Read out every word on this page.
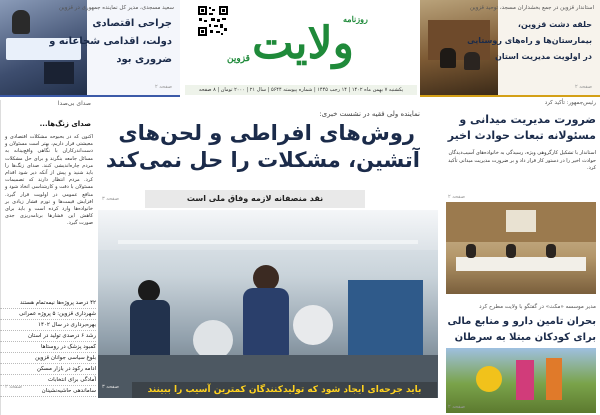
سعید مسجدی، مدیر کل نماینده جمهوری در قزوین
جراحی اقتصادی
دولت، اقدامی شجاعانه و
ضروری بود
صفحه ۲
روزنامه
ولایت
قزوین
یکشنبه ۷ بهمن ماه ۱۴۰۲ | ۱۴ رجب ۱۴۴۵ | شماره پیوسته ۵۶۴۴ | سال ۲۱ | ۲۰۰۰ تومان | ۸ صفحه
استاندار قزوین در جمع بخشداران مسجد، توحید قزوین
حلقه دشت قزوین،
بیمارستان‌ها و راه‌های روستایی
در اولویت مدیریت استان
صفحه ۲
صدای بی‌صدا
صدای زنگ‌ها...
اکنون که در بحبوحه مشکلات اقتصادی و معیشتی قرار داریم، بهتر است مسئولان و دست‌اندرکاران با نگاهی واقع‌بینانه به مسائل جامعه بنگرند و برای حل مشکلات مردم چاره‌اندیشی کنند. صدای زنگ‌ها را باید شنید و پیش از آنکه دیر شود اقدام کرد. مردم انتظار دارند که تصمیمات مسئولان با دقت و کارشناسی اتخاذ شود و منافع عمومی در اولویت قرار گیرد. افزایش قیمت‌ها و تورم فشار زیادی بر خانواده‌ها وارد کرده است و باید برای کاهش این فشارها برنامه‌ریزی جدی صورت گیرد.
صفحه ۲
۴۲ درصد پروژه‌ها نیمه‌تمام هستند
شهرداری قزوین: ۵ پروژه عمرانی
بهره‌برداری در سال ۱۴۰۲
رشد ۶ درصدی تولید در استان
کمبود پزشک در روستاها
بلوغ سیاسی جوانان قزوین
ادامه رکود در بازار مسکن
آمادگی برای انتخابات
ساماندهی حاشیه‌نشینان
نماینده ولی فقیه در نشست خبری:
روش‌های افراطی و لحن‌های
آتشین، مشکلات را حل نمی‌کند
صفحه ۳	نقد منصفانه لازمه وفاق ملی است
باید جرحه‌ای ایجاد شود که تولیدکنندگان کمترین آسیب را ببینند
صفحه ۳
رئیس‌جمهور: تأکید کرد
ضرورت مدیریت میدانی و
مسئولانه تبعات حوادث اخیر
استاندار با تشکیل کارگروهی ویژه، رسیدگی به خانواده‌های آسیب‌دیدگان حوادث اخیر را در دستور کار قرار داد و بر ضرورت مدیریت میدانی تأکید کرد.
صفحه ۲
مدیر موسسه «مکث» در گفتگو با ولایت مطرح کرد
بحران تامین دارو و منابع مالی
برای کودکان مبتلا به سرطان
صفحه ۲
